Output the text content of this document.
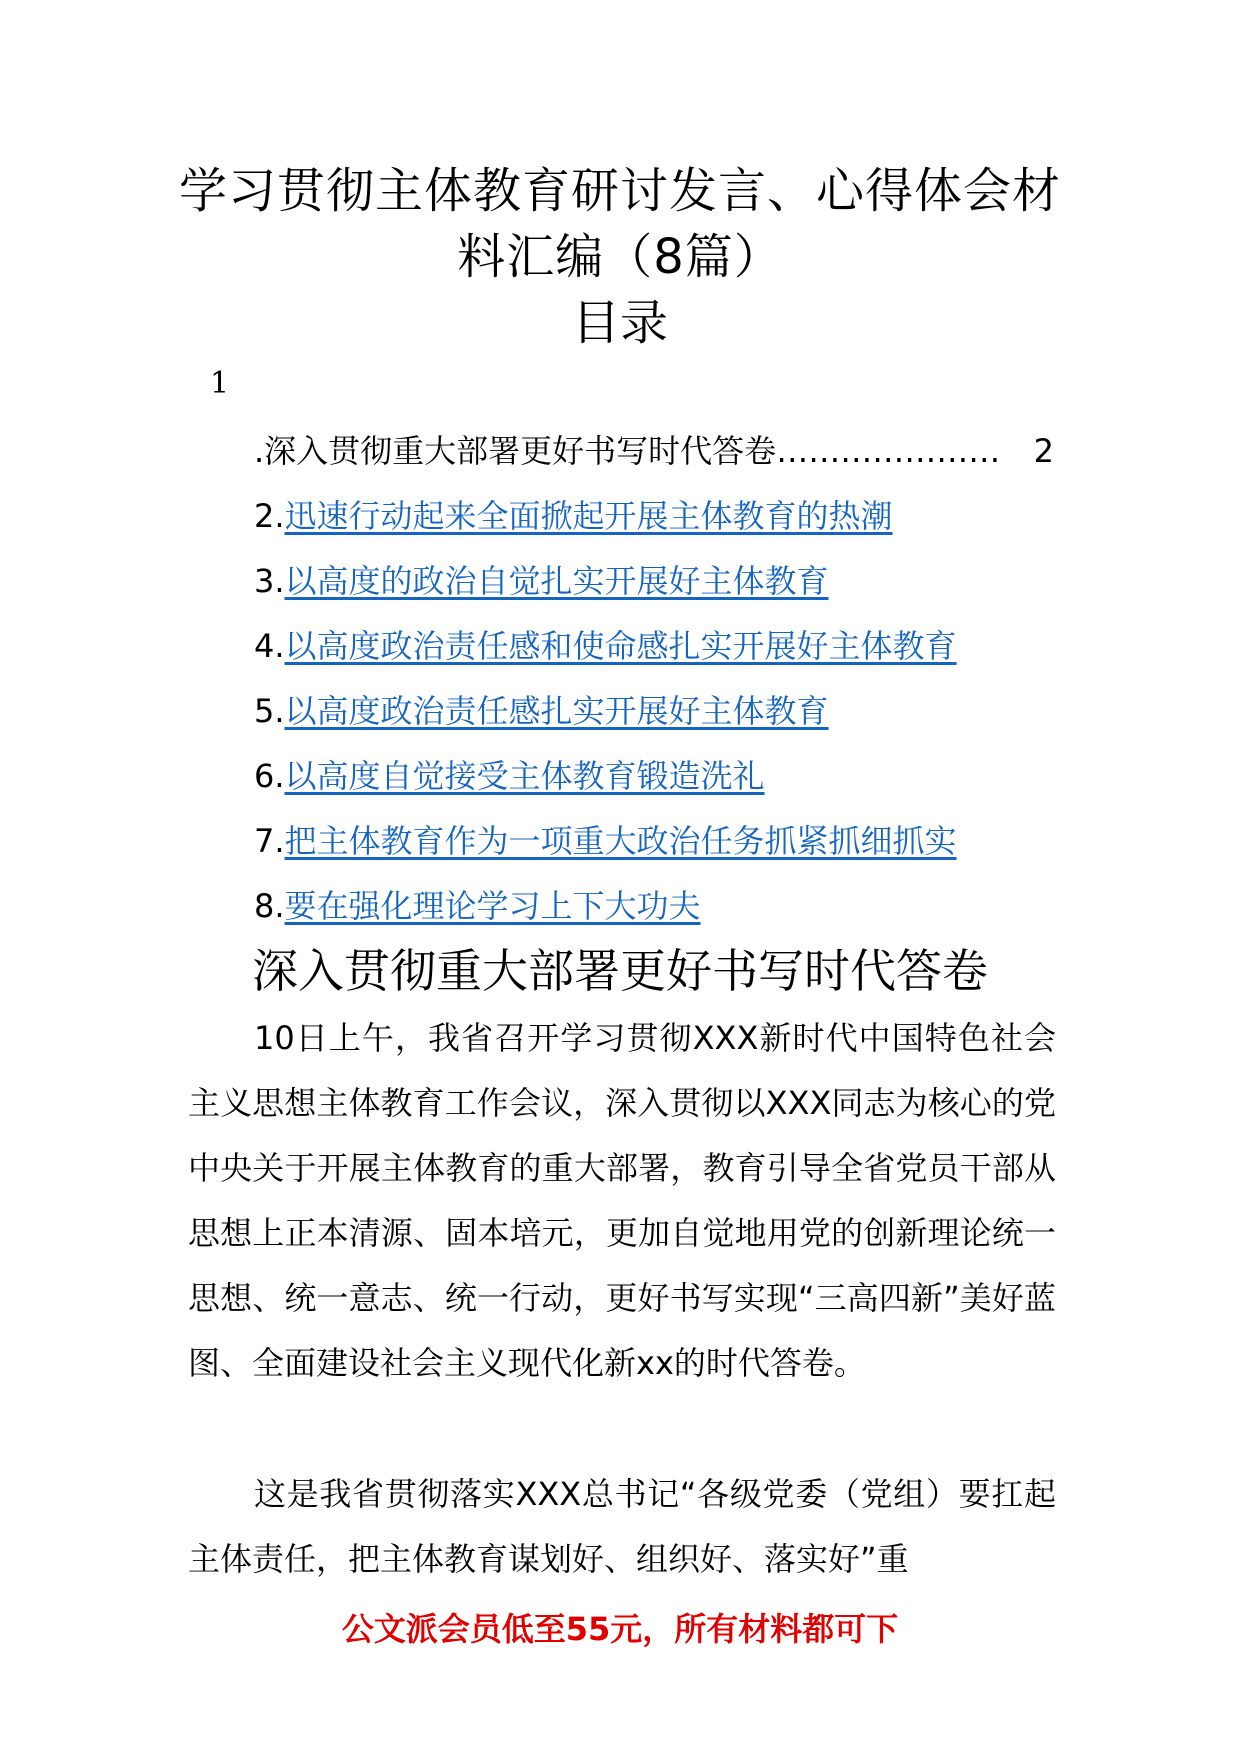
学习贯彻主体教育研讨发言、心得体会材
料汇编（8篇）
目录
1
.深入贯彻重大部署更好书写时代答卷 …………………	2
2.迅速行动起来全面掀起开展主体教育的热潮
3.以高度的政治自觉扎实开展好主体教育
4.以高度政治责任感和使命感扎实开展好主体教育
5.以高度政治责任感扎实开展好主体教育
6.以高度自觉接受主体教育锻造洗礼
7.把主体教育作为一项重大政治任务抓紧抓细抓实
8.要在强化理论学习上下大功夫
深入贯彻重大部署更好书写时代答卷

10日上午，我省召开学习贯彻XXX新时代中国特色社会主义思想主体教育工作会议，深入贯彻以XXX同志为核心的党中央关于开展主体教育的重大部署，教育引导全省党员干部从思想上正本清源、固本培元，更加自觉地用党的创新理论统一思想、统一意志、统一行动，更好书写实现“三高四新”美好蓝图、全面建设社会主义现代化新xx的时代答卷。

这是我省贯彻落实XXX总书记“各级党委（党组）要扛起主体责任，把主体教育谋划好、组织好、落实好”重

公文派会员低至55元，所有材料都可下
